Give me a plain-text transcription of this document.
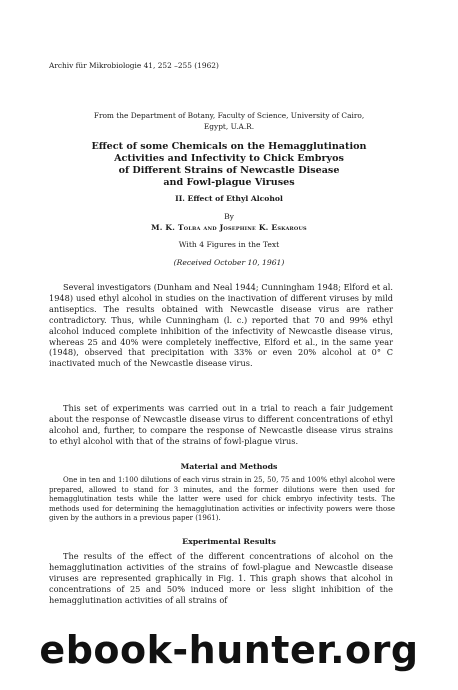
Archiv für Mikrobiologie 41, 252 –255 (1962)
From the Department of Botany, Faculty of Science, University of Cairo,
Egypt, U.A.R.
Effect of some Chemicals on the Hemagglutination
Activities and Infectivity to Chick Embryos
of Different Strains of Newcastle Disease
and Fowl-plague Viruses
II. Effect of Ethyl Alcohol
By
M. K. Tolba and Josephine K. Eskarous
With 4 Figures in the Text
(Received October 10, 1961)
Several investigators (Dunham and Neal 1944; Cunningham 1948; Elford et al. 1948) used ethyl alcohol in studies on the inactivation of different viruses by mild antiseptics. The results obtained with Newcastle disease virus are rather contradictory. Thus, while Cunningham (l. c.) reported that 70 and 99% ethyl alcohol induced complete inhibition of the infectivity of Newcastle disease virus, whereas 25 and 40% were completely ineffective, Elford et al., in the same year (1948), observed that precipitation with 33% or even 20% alcohol at 0° C inactivated much of the Newcastle disease virus.
This set of experiments was carried out in a trial to reach a fair judgement about the response of Newcastle disease virus to different concentrations of ethyl alcohol and, further, to compare the response of Newcastle disease virus strains to ethyl alcohol with that of the strains of fowl-plague virus.
Material and Methods
One in ten and 1:100 dilutions of each virus strain in 25, 50, 75 and 100% ethyl alcohol were prepared, allowed to stand for 3 minutes, and the former dilutions were then used for hemagglutination tests while the latter were used for chick embryo infectivity tests. The methods used for determining the hemagglutination activities or infectivity powers were those given by the authors in a previous paper (1961).
Experimental Results
The results of the effect of the different concentrations of alcohol on the hemagglutination activities of the strains of fowl-plague and Newcastle disease viruses are represented graphically in Fig. 1. This graph shows that alcohol in concentrations of 25 and 50% induced more or less slight inhibition of the hemagglutination activities of all strains of
ebook-hunter.org
